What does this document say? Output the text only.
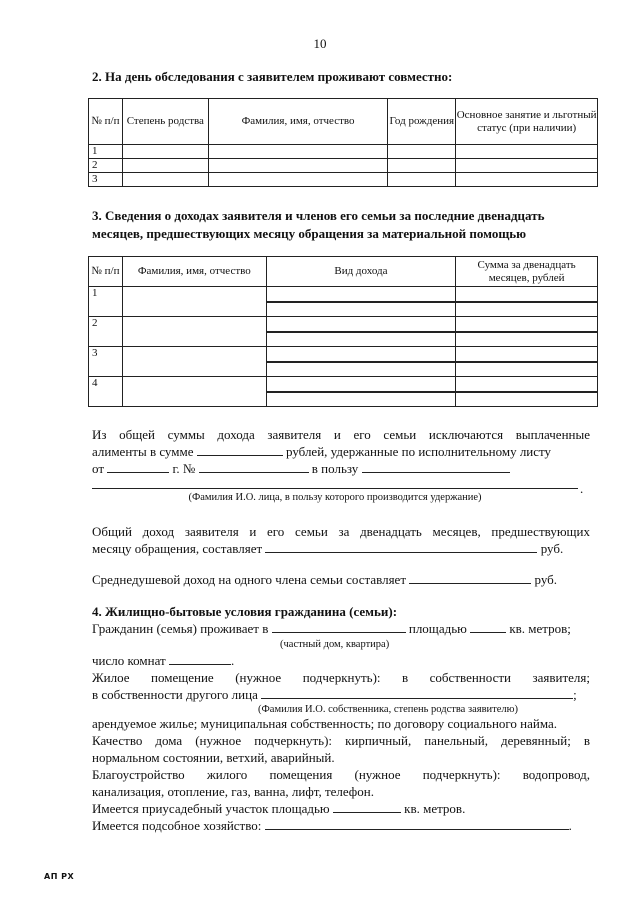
10
2. На день обследования с заявителем проживают совместно:
№ п/п	Степень родства	Фамилия, имя, отчество	Год рождения	Основное занятие и льготный статус (при наличии)
1				
2				
3				
3. Сведения о доходах заявителя и членов его семьи за последние двенадцать
месяцев, предшествующих месяцу обращения за материальной помощью
№ п/п	Фамилия, имя, отчество	Вид дохода	Сумма за двенадцать месяцев, рублей
1		

2		

3		

4		

Из общей суммы дохода заявителя и его семьи исключаются выплаченные
алименты в сумме	рублей, удержанные по исполнительному листу
от	г. №	в пользу
.
(Фамилия И.О. лица, в пользу которого производится удержание)
Общий доход заявителя и его семьи за двенадцать месяцев, предшествующих
месяцу обращения, составляет	руб.
Среднедушевой доход на одного члена семьи составляет	руб.
4. Жилищно-бытовые условия гражданина (семьи):
Гражданин (семья) проживает в	площадью	кв. метров;
(частный дом, квартира)
число комнат	.
Жилое помещение (нужное подчеркнуть): в собственности заявителя;
в собственности другого лица	;
(Фамилия И.О. собственника, степень родства заявителю)
арендуемое жилье; муниципальная собственность; по договору социального найма.
Качество дома (нужное подчеркнуть): кирпичный, панельный, деревянный; в
нормальном состоянии, ветхий, аварийный.
Благоустройство жилого помещения (нужное подчеркнуть): водопровод,
канализация, отопление, газ, ванна, лифт, телефон.
Имеется приусадебный участок площадью	кв. метров.
Имеется подсобное хозяйство:	.
АП РХ
